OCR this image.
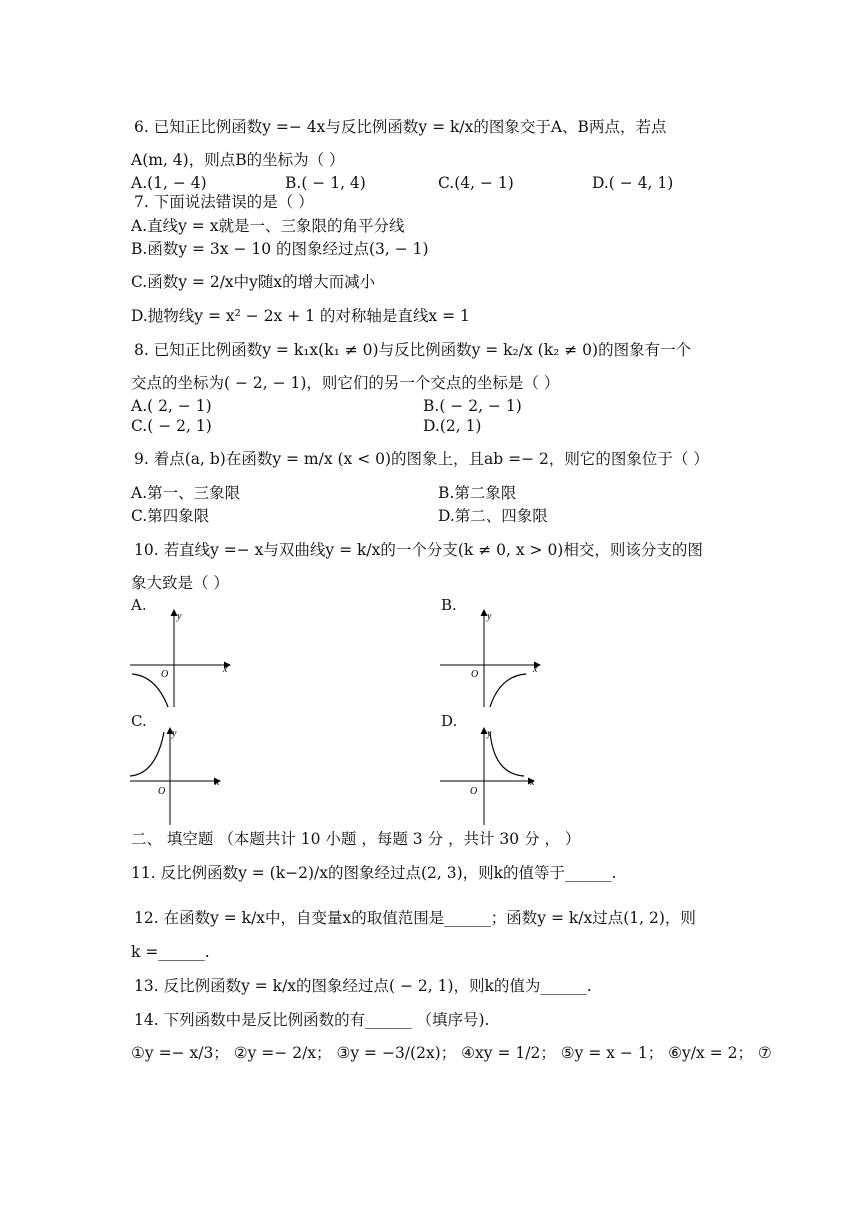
6. 已知正比例函数y =− 4x与反比例函数y = k/x的图象交于A、B两点，若点
A(m, 4)，则点B的坐标为（ ）
A.(1, − 4)	B.( − 1, 4)	C.(4, − 1)	D.( − 4, 1)
7. 下面说法错误的是（ ）
A.直线y = x就是一、三象限的角平分线
B.函数y = 3x − 10 的图象经过点(3, − 1)
C.函数y = 2/x中y随x的增大而减小
D.抛物线y = x² − 2x + 1 的对称轴是直线x = 1
8. 已知正比例函数y = k₁x(k₁ ≠ 0)与反比例函数y = k₂/x (k₂ ≠ 0)的图象有一个
交点的坐标为( − 2, − 1)，则它们的另一个交点的坐标是（ ）
A.( 2, − 1)	B.( − 2, − 1)
C.( − 2, 1)	D.(2, 1)
9. 着点(a, b)在函数y = m/x (x < 0)的图象上，且ab =− 2，则它的图象位于（ ）
A.第一、三象限	B.第二象限
C.第四象限	D.第二、四象限
10. 若直线y =− x与双曲线y = k/x的一个分支(k ≠ 0, x > 0)相交，则该分支的图
象大致是（ ）
A.
y
x
O
B.
y
x
O
C.
y
x
O
D.
y
x
O
二、 填空题 （本题共计 10 小题 ，每题 3 分 ，共计 30 分 ， ）
11. 反比例函数y = (k−2)/x的图象经过点(2, 3)，则k的值等于______.
12. 在函数y = k/x中，自变量x的取值范围是______；函数y = k/x过点(1, 2)，则
k =______.
13. 反比例函数y = k/x的图象经过点( − 2, 1)，则k的值为______.
14. 下列函数中是反比例函数的有______ （填序号).
①y =− x/3； ②y =− 2/x； ③y = −3/(2x)； ④xy = 1/2； ⑤y = x − 1； ⑥y/x = 2； ⑦
